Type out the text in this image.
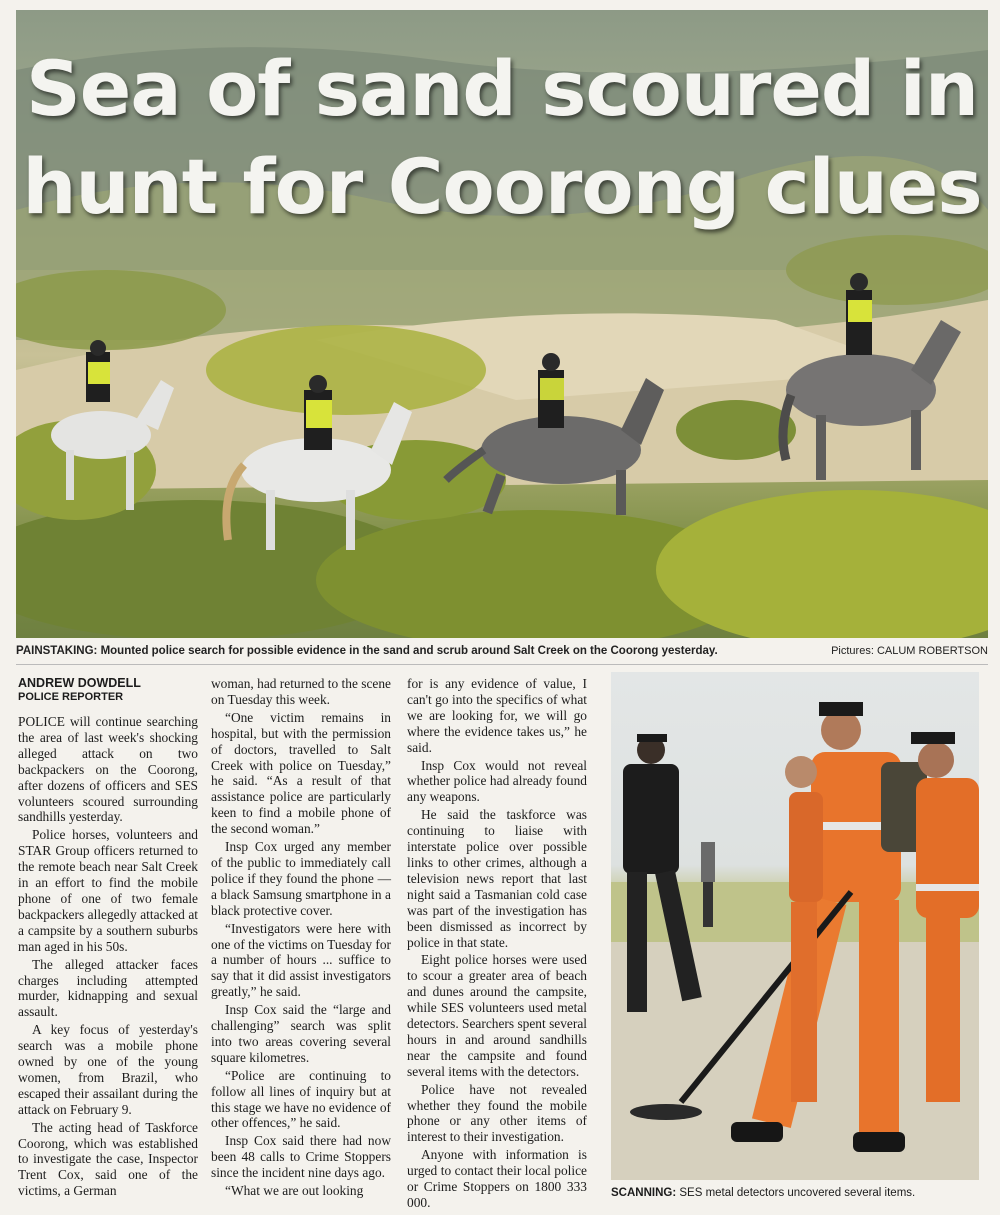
Sea of sand scoured in
hunt for Coorong clues
PAINSTAKING: Mounted police search for possible evidence in the sand and scrub around Salt Creek on the Coorong yesterday.	Pictures: CALUM ROBERTSON
ANDREW DOWDELL
POLICE REPORTER

POLICE will continue searching the area of last week's shocking alleged attack on two backpackers on the Coorong, after dozens of officers and SES volunteers scoured surrounding sandhills yesterday.

Police horses, volunteers and STAR Group officers returned to the remote beach near Salt Creek in an effort to find the mobile phone of one of two female backpackers allegedly attacked at a campsite by a southern suburbs man aged in his 50s.

The alleged attacker faces charges including attempted murder, kidnapping and sexual assault.

A key focus of yesterday's search was a mobile phone owned by one of the young women, from Brazil, who escaped their assailant during the attack on February 9.

The acting head of Taskforce Coorong, which was established to investigate the case, Inspector Trent Cox, said one of the victims, a German

woman, had returned to the scene on Tuesday this week.

“One victim remains in hospital, but with the permission of doctors, travelled to Salt Creek with police on Tuesday,” he said. “As a result of that assistance police are particularly keen to find a mobile phone of the second woman.”

Insp Cox urged any member of the public to immediately call police if they found the phone — a black Samsung smartphone in a black protective cover.

“Investigators were here with one of the victims on Tuesday for a number of hours ... suffice to say that it did assist investigators greatly,” he said.

Insp Cox said the “large and challenging” search was split into two areas covering several square kilometres.

“Police are continuing to follow all lines of inquiry but at this stage we have no evidence of other offences,” he said.

Insp Cox said there had now been 48 calls to Crime Stoppers since the incident nine days ago.

“What we are out looking

for is any evidence of value, I can't go into the specifics of what we are looking for, we will go where the evidence takes us,” he said.

Insp Cox would not reveal whether police had already found any weapons.

He said the taskforce was continuing to liaise with interstate police over possible links to other crimes, although a television news report that last night said a Tasmanian cold case was part of the investigation has been dismissed as incorrect by police in that state.

Eight police horses were used to scour a greater area of beach and dunes around the campsite, while SES volunteers used metal detectors. Searchers spent several hours in and around sandhills near the campsite and found several items with the detectors.

Police have not revealed whether they found the mobile phone or any other items of interest to their investigation.

Anyone with information is urged to contact their local police or Crime Stoppers on 1800 333 000.

SCANNING: SES metal detectors uncovered several items.
